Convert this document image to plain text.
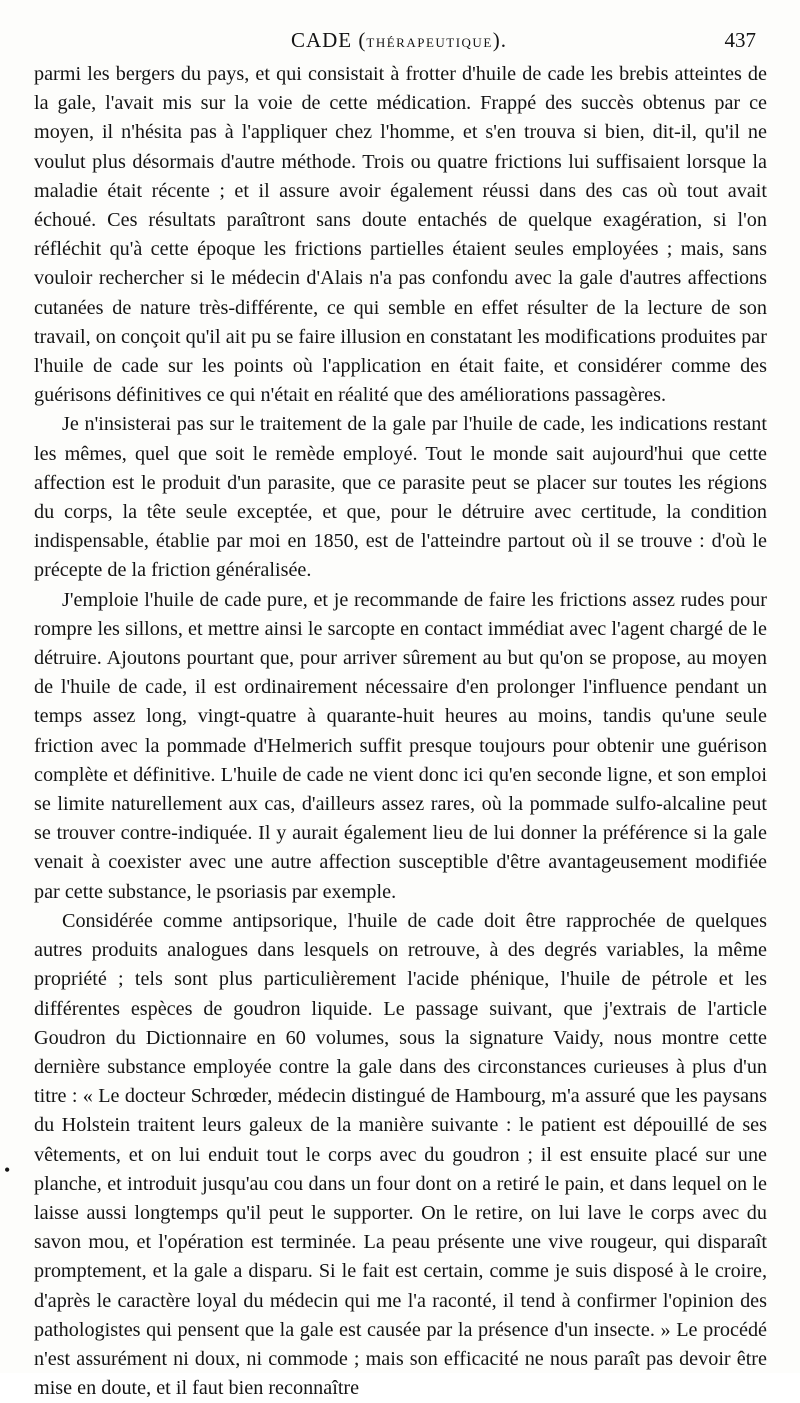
CADE (THÉRAPEUTIQUE).	437

parmi les bergers du pays, et qui consistait à frotter d'huile de cade les brebis atteintes de la gale, l'avait mis sur la voie de cette médication. Frappé des succès obtenus par ce moyen, il n'hésita pas à l'appliquer chez l'homme, et s'en trouva si bien, dit-il, qu'il ne voulut plus désormais d'autre méthode. Trois ou quatre frictions lui suffisaient lorsque la maladie était récente ; et il assure avoir également réussi dans des cas où tout avait échoué. Ces résultats paraîtront sans doute entachés de quelque exagération, si l'on réfléchit qu'à cette époque les frictions partielles étaient seules employées ; mais, sans vouloir rechercher si le médecin d'Alais n'a pas confondu avec la gale d'autres affections cutanées de nature très-différente, ce qui semble en effet résulter de la lecture de son travail, on conçoit qu'il ait pu se faire illusion en constatant les modifications produites par l'huile de cade sur les points où l'application en était faite, et considérer comme des guérisons définitives ce qui n'était en réalité que des améliorations passagères.

Je n'insisterai pas sur le traitement de la gale par l'huile de cade, les indications restant les mêmes, quel que soit le remède employé. Tout le monde sait aujourd'hui que cette affection est le produit d'un parasite, que ce parasite peut se placer sur toutes les régions du corps, la tête seule exceptée, et que, pour le détruire avec certitude, la condition indispensable, établie par moi en 1850, est de l'atteindre partout où il se trouve : d'où le précepte de la friction généralisée.

J'emploie l'huile de cade pure, et je recommande de faire les frictions assez rudes pour rompre les sillons, et mettre ainsi le sarcopte en contact immédiat avec l'agent chargé de le détruire. Ajoutons pourtant que, pour arriver sûrement au but qu'on se propose, au moyen de l'huile de cade, il est ordinairement nécessaire d'en prolonger l'influence pendant un temps assez long, vingt-quatre à quarante-huit heures au moins, tandis qu'une seule friction avec la pommade d'Helmerich suffit presque toujours pour obtenir une guérison complète et définitive. L'huile de cade ne vient donc ici qu'en seconde ligne, et son emploi se limite naturellement aux cas, d'ailleurs assez rares, où la pommade sulfo-alcaline peut se trouver contre-indiquée. Il y aurait également lieu de lui donner la préférence si la gale venait à coexister avec une autre affection susceptible d'être avantageusement modifiée par cette substance, le psoriasis par exemple.

Considérée comme antipsorique, l'huile de cade doit être rapprochée de quelques autres produits analogues dans lesquels on retrouve, à des degrés variables, la même propriété ; tels sont plus particulièrement l'acide phénique, l'huile de pétrole et les différentes espèces de goudron liquide. Le passage suivant, que j'extrais de l'article Goudron du Dictionnaire en 60 volumes, sous la signature Vaidy, nous montre cette dernière substance employée contre la gale dans des circonstances curieuses à plus d'un titre : « Le docteur Schrœder, médecin distingué de Hambourg, m'a assuré que les paysans du Holstein traitent leurs galeux de la manière suivante : le patient est dépouillé de ses vêtements, et on lui enduit tout le corps avec du goudron ; il est ensuite placé sur une planche, et introduit jusqu'au cou dans un four dont on a retiré le pain, et dans lequel on le laisse aussi longtemps qu'il peut le supporter. On le retire, on lui lave le corps avec du savon mou, et l'opération est terminée. La peau présente une vive rougeur, qui disparaît promptement, et la gale a disparu. Si le fait est certain, comme je suis disposé à le croire, d'après le caractère loyal du médecin qui me l'a raconté, il tend à confirmer l'opinion des pathologistes qui pensent que la gale est causée par la présence d'un insecte. » Le procédé n'est assurément ni doux, ni commode ; mais son efficacité ne nous paraît pas devoir être mise en doute, et il faut bien reconnaître

•
